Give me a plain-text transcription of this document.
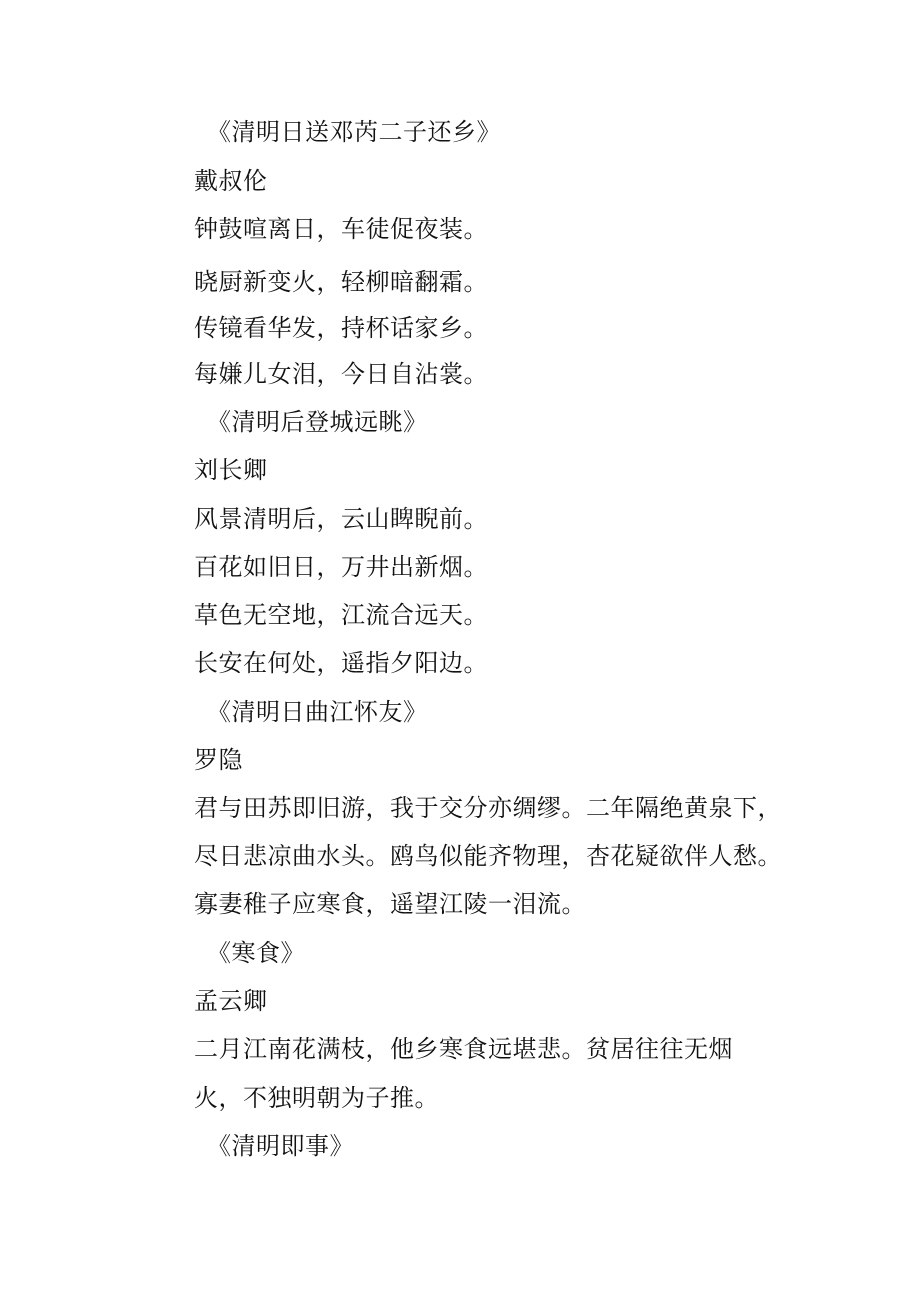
《清明日送邓芮二子还乡》
戴叔伦
钟鼓喧离日，车徒促夜装。
晓厨新变火，轻柳暗翻霜。
传镜看华发，持杯话家乡。
每嫌儿女泪，今日自沾裳。
《清明后登城远眺》
刘长卿
风景清明后，云山睥睨前。
百花如旧日，万井出新烟。
草色无空地，江流合远天。
长安在何处，遥指夕阳边。
《清明日曲江怀友》
罗隐
君与田苏即旧游，我于交分亦绸缪。二年隔绝黄泉下，
尽日悲凉曲水头。鸥鸟似能齐物理，杏花疑欲伴人愁。
寡妻稚子应寒食，遥望江陵一泪流。
《寒食》
孟云卿
二月江南花满枝，他乡寒食远堪悲。贫居往往无烟
火，不独明朝为子推。
《清明即事》
